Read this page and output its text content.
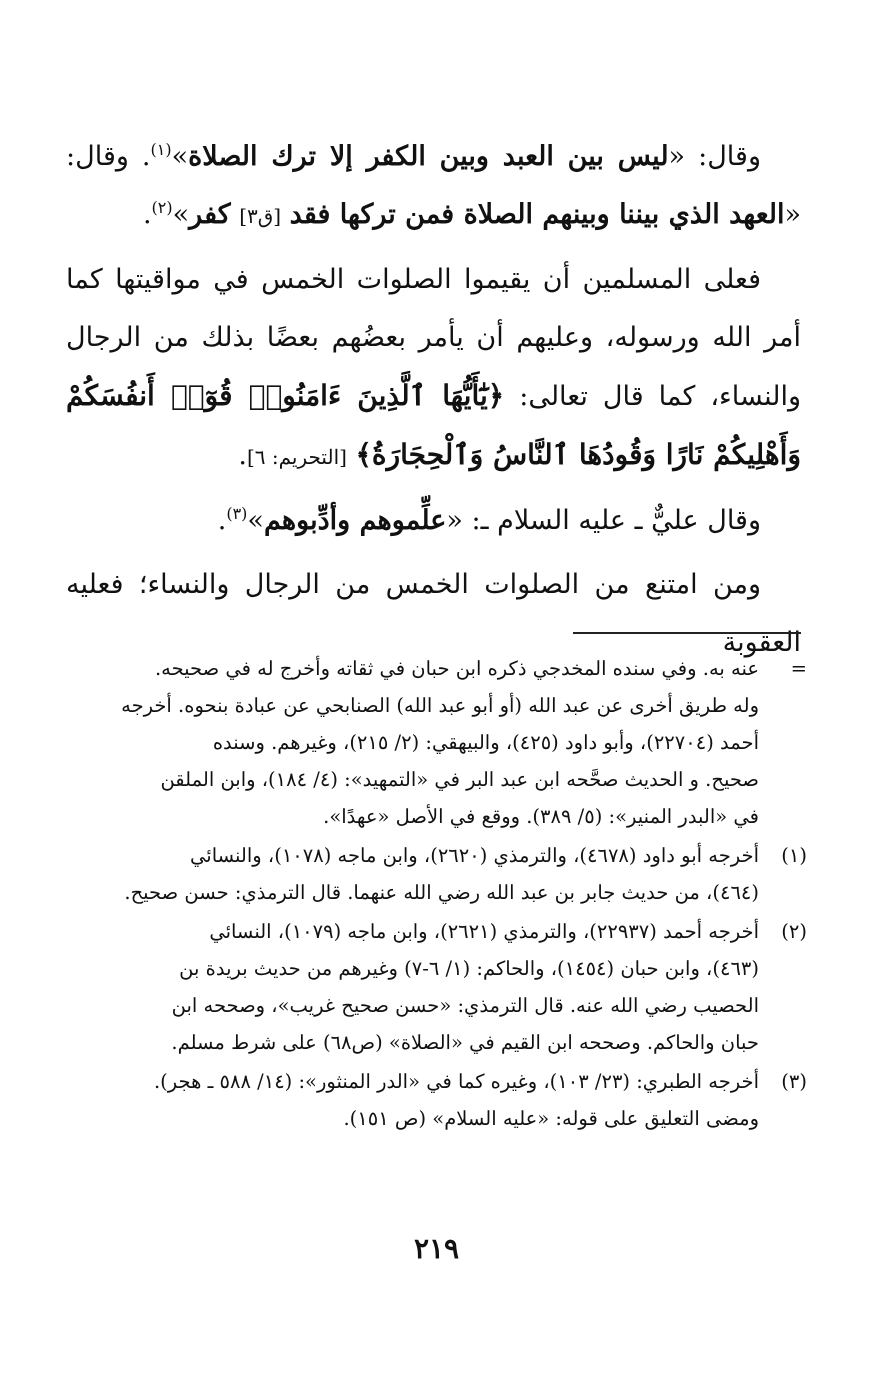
وقال: «ليس بين العبد وبين الكفر إلا ترك الصلاة»$^{(١)}$. وقال: «العهد الذي بيننا وبينهم الصلاة فمن تركها فقد [ق٣] كفر»$^{(٢)}$.

فعلى المسلمين أن يقيموا الصلوات الخمس في مواقيتها كما أمر الله ورسوله، وعليهم أن يأمر بعضُهم بعضًا بذلك من الرجال والنساء، كما قال تعالى: ﴿يَٰٓأَيُّهَا ٱلَّذِينَ ءَامَنُوا۟ قُوٓا۟ أَنفُسَكُمْ وَأَهْلِيكُمْ نَارًا وَقُودُهَا ٱلنَّاسُ وَٱلْحِجَارَةُ﴾ [التحريم: ٦].

وقال عليٌّ ـ عليه السلام ـ: «علِّموهم وأدِّبوهم»$^{(٣)}$.

ومن امتنع من الصلوات الخمس من الرجال والنساء؛ فعليه العقوبة

=
عنه به. وفي سنده المخدجي ذكره ابن حبان في ثقاته وأخرج له في صحيحه.
وله طريق أخرى عن عبد الله (أو أبو عبد الله) الصنابحي عن عبادة بنحوه. أخرجه
أحمد (٢٢٧٠٤)، وأبو داود (٤٢٥)، والبيهقي: (٢/ ٢١٥)، وغيرهم. وسنده
صحيح. و الحديث صحَّحه ابن عبد البر في «التمهيد»: (٤/ ١٨٤)، وابن الملقن
في «البدر المنير»: (٥/ ٣٨٩). ووقع في الأصل «عهدًا».
(١)
أخرجه أبو داود (٤٦٧٨)، والترمذي (٢٦٢٠)، وابن ماجه (١٠٧٨)، والنسائي
(٤٦٤)، من حديث جابر بن عبد الله رضي الله عنهما. قال الترمذي: حسن صحيح.
(٢)
أخرجه أحمد (٢٢٩٣٧)، والترمذي (٢٦٢١)، وابن ماجه (١٠٧٩)، النسائي
(٤٦٣)، وابن حبان (١٤٥٤)، والحاكم: (١/ ٦-٧) وغيرهم من حديث بريدة بن
الحصيب رضي الله عنه. قال الترمذي: «حسن صحيح غريب»، وصححه ابن
حبان والحاكم. وصححه ابن القيم في «الصلاة» (ص٦٨) على شرط مسلم.
(٣)
أخرجه الطبري: (٢٣/ ١٠٣)، وغيره كما في «الدر المنثور»: (١٤/ ٥٨٨ ـ هجر).
ومضى التعليق على قوله: «عليه السلام» (ص ١٥١).
٢١٩
